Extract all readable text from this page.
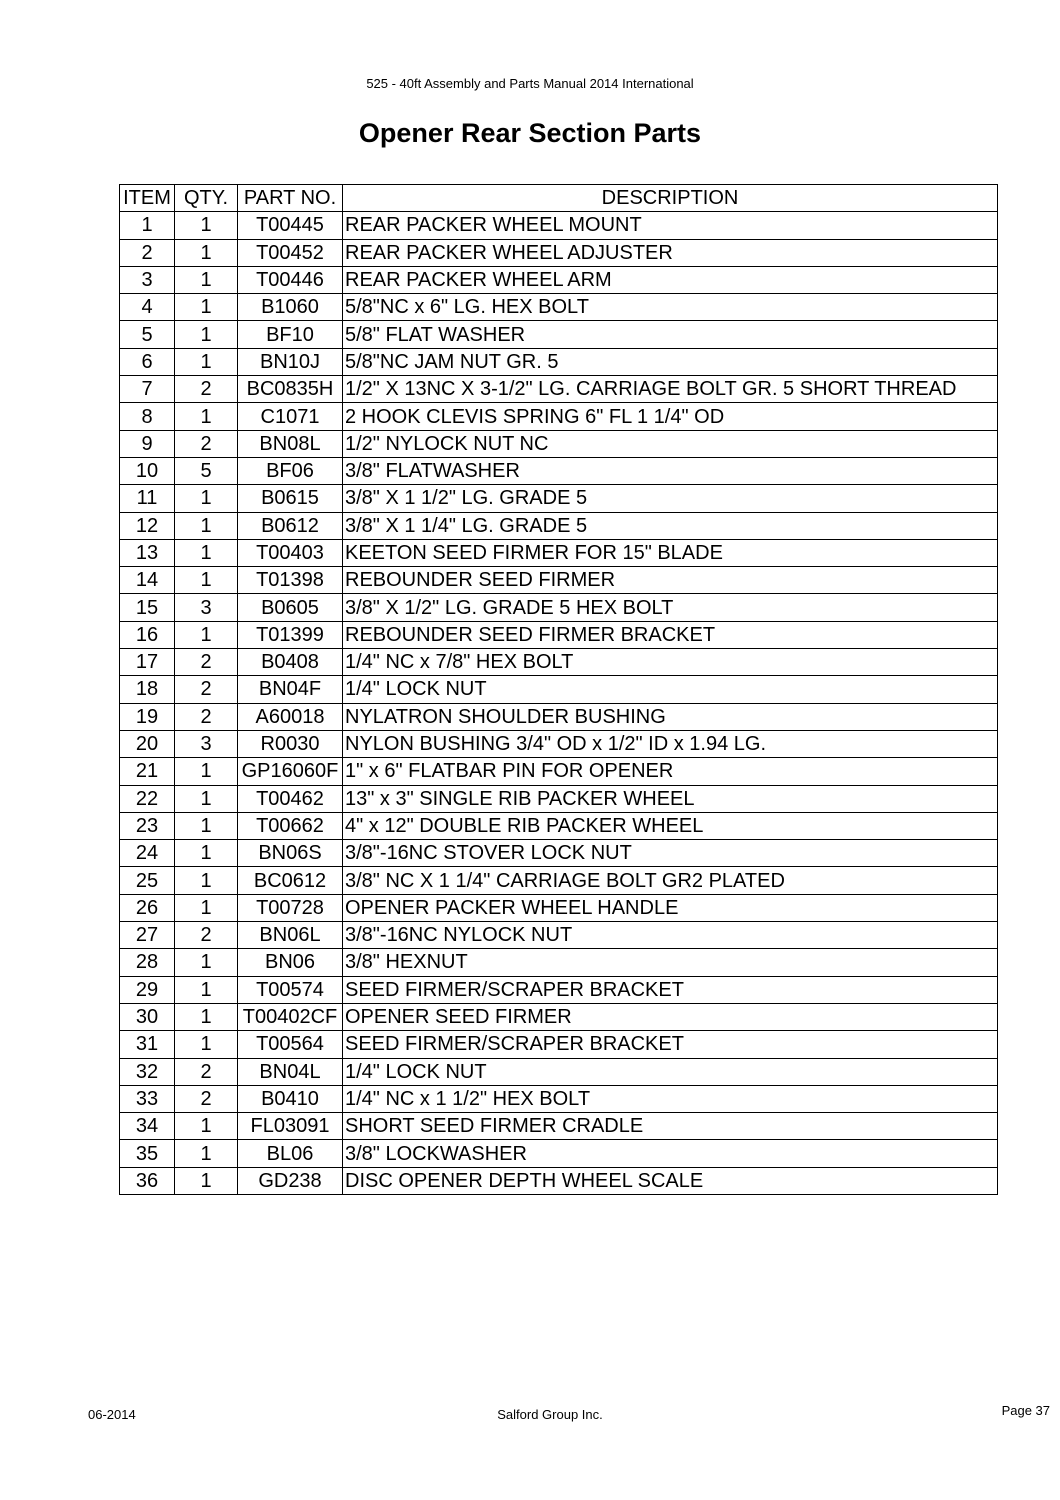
525 - 40ft Assembly and Parts Manual 2014 International
Opener Rear Section Parts
ITEM	QTY.	PART NO.	DESCRIPTION
1	1	T00445	REAR PACKER WHEEL MOUNT
2	1	T00452	REAR PACKER WHEEL ADJUSTER
3	1	T00446	REAR PACKER WHEEL ARM
4	1	B1060	5/8"NC x 6" LG. HEX BOLT
5	1	BF10	5/8" FLAT WASHER
6	1	BN10J	5/8"NC JAM NUT GR. 5
7	2	BC0835H	1/2" X 13NC X 3-1/2" LG. CARRIAGE BOLT GR. 5 SHORT THREAD
8	1	C1071	2 HOOK CLEVIS SPRING 6" FL 1 1/4" OD
9	2	BN08L	1/2" NYLOCK NUT NC
10	5	BF06	3/8" FLATWASHER
11	1	B0615	3/8" X 1 1/2" LG. GRADE 5
12	1	B0612	3/8" X 1 1/4" LG. GRADE 5
13	1	T00403	KEETON SEED FIRMER FOR 15" BLADE
14	1	T01398	REBOUNDER SEED FIRMER
15	3	B0605	3/8" X 1/2" LG. GRADE 5 HEX BOLT
16	1	T01399	REBOUNDER SEED FIRMER BRACKET
17	2	B0408	1/4" NC x 7/8" HEX BOLT
18	2	BN04F	1/4" LOCK NUT
19	2	A60018	NYLATRON SHOULDER BUSHING
20	3	R0030	NYLON BUSHING 3/4" OD x 1/2" ID x 1.94 LG.
21	1	GP16060F	1" x 6" FLATBAR PIN FOR OPENER
22	1	T00462	13" x 3" SINGLE RIB PACKER WHEEL
23	1	T00662	4" x 12" DOUBLE RIB PACKER WHEEL
24	1	BN06S	3/8"-16NC STOVER LOCK NUT
25	1	BC0612	3/8" NC X 1 1/4" CARRIAGE BOLT GR2 PLATED
26	1	T00728	OPENER PACKER WHEEL HANDLE
27	2	BN06L	3/8"-16NC NYLOCK NUT
28	1	BN06	3/8" HEXNUT
29	1	T00574	SEED FIRMER/SCRAPER BRACKET
30	1	T00402CF	OPENER SEED FIRMER
31	1	T00564	SEED FIRMER/SCRAPER BRACKET
32	2	BN04L	1/4" LOCK NUT
33	2	B0410	1/4" NC x 1 1/2" HEX BOLT
34	1	FL03091	SHORT SEED FIRMER CRADLE
35	1	BL06	3/8" LOCKWASHER
36	1	GD238	DISC OPENER DEPTH WHEEL SCALE
06-2014	Salford Group Inc.	Page 37
